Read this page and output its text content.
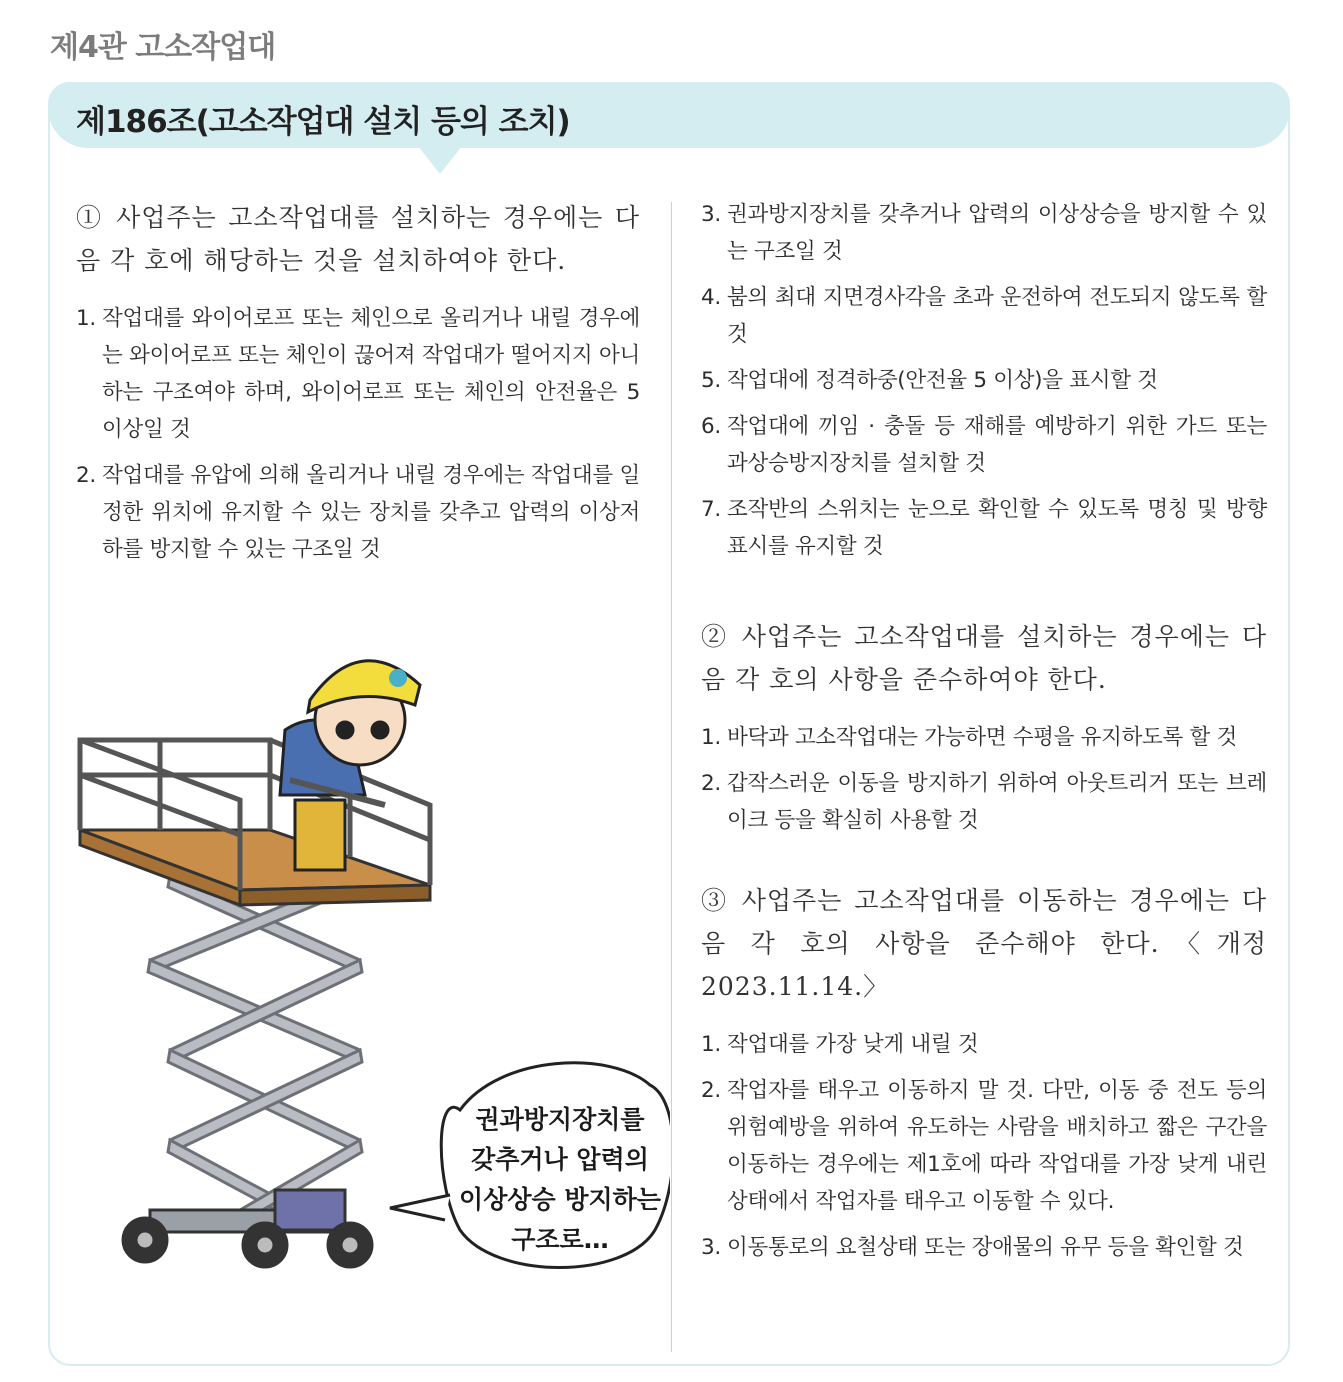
제4관 고소작업대
제186조(고소작업대 설치 등의 조치)
① 사업주는 고소작업대를 설치하는 경우에는 다음 각 호에 해당하는 것을 설치하여야 한다.
1. 작업대를 와이어로프 또는 체인으로 올리거나 내릴 경우에는 와이어로프 또는 체인이 끊어져 작업대가 떨어지지 아니하는 구조여야 하며, 와이어로프 또는 체인의 안전율은 5 이상일 것
2. 작업대를 유압에 의해 올리거나 내릴 경우에는 작업대를 일정한 위치에 유지할 수 있는 장치를 갖추고 압력의 이상저하를 방지할 수 있는 구조일 것
3. 권과방지장치를 갖추거나 압력의 이상상승을 방지할 수 있는 구조일 것
4. 붐의 최대 지면경사각을 초과 운전하여 전도되지 않도록 할 것
5. 작업대에 정격하중(안전율 5 이상)을 표시할 것
6. 작업대에 끼임 · 충돌 등 재해를 예방하기 위한 가드 또는 과상승방지장치를 설치할 것
7. 조작반의 스위치는 눈으로 확인할 수 있도록 명칭 및 방향표시를 유지할 것
② 사업주는 고소작업대를 설치하는 경우에는 다음 각 호의 사항을 준수하여야 한다.
1. 바닥과 고소작업대는 가능하면 수평을 유지하도록 할 것
2. 갑작스러운 이동을 방지하기 위하여 아웃트리거 또는 브레이크 등을 확실히 사용할 것
③ 사업주는 고소작업대를 이동하는 경우에는 다음 각 호의 사항을 준수해야 한다.〈개정 2023.11.14.〉
1. 작업대를 가장 낮게 내릴 것
2. 작업자를 태우고 이동하지 말 것. 다만, 이동 중 전도 등의 위험예방을 위하여 유도하는 사람을 배치하고 짧은 구간을 이동하는 경우에는 제1호에 따라 작업대를 가장 낮게 내린 상태에서 작업자를 태우고 이동할 수 있다.
3. 이동통로의 요철상태 또는 장애물의 유무 등을 확인할 것
권과방지장치를
갖추거나 압력의
이상상승 방지하는
구조로…
